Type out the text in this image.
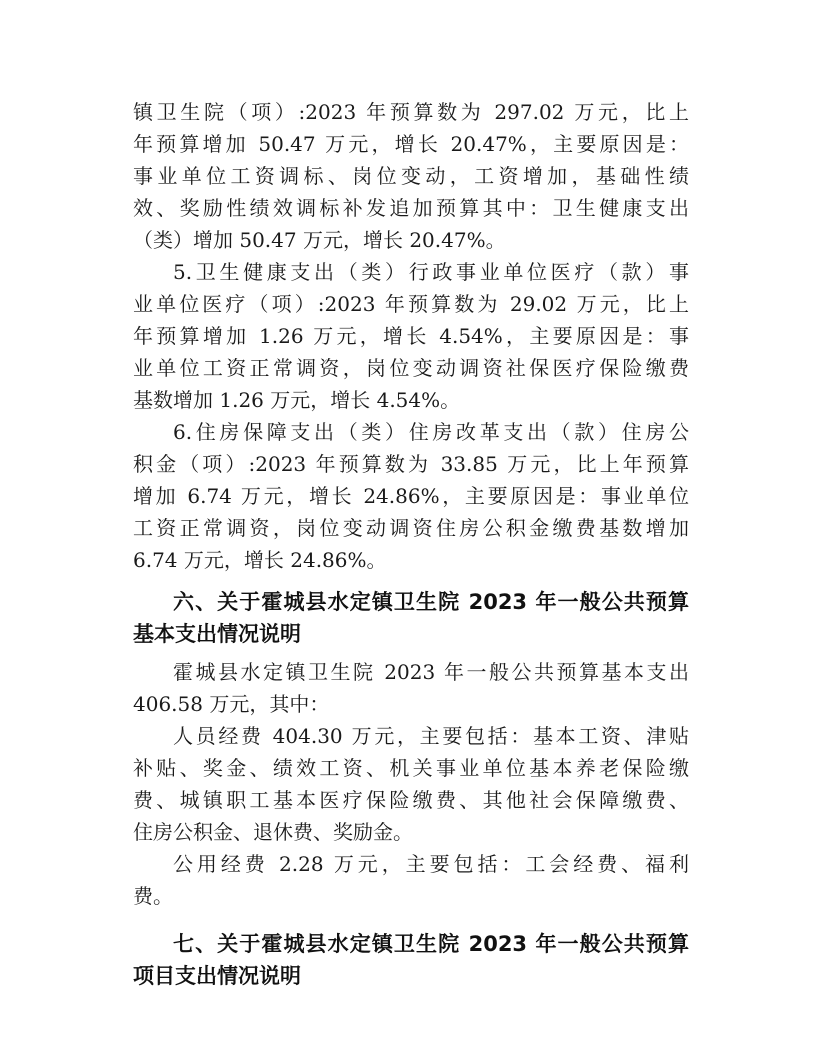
镇卫生院（项）:2023 年预算数为 297.02 万元，比上
年预算增加 50.47 万元，增长 20.47%，主要原因是：
事业单位工资调标、岗位变动，工资增加，基础性绩
效、奖励性绩效调标补发追加预算其中：卫生健康支出
（类）增加 50.47 万元，增长 20.47%。
5.卫生健康支出（类）行政事业单位医疗（款）事
业单位医疗（项）:2023 年预算数为 29.02 万元，比上
年预算增加 1.26 万元，增长 4.54%，主要原因是：事
业单位工资正常调资，岗位变动调资社保医疗保险缴费
基数增加 1.26 万元，增长 4.54%。
6.住房保障支出（类）住房改革支出（款）住房公
积金（项）:2023 年预算数为 33.85 万元，比上年预算
增加 6.74 万元，增长 24.86%，主要原因是：事业单位
工资正常调资，岗位变动调资住房公积金缴费基数增加
6.74 万元，增长 24.86%。
六、关于霍城县水定镇卫生院 2023 年一般公共预算
基本支出情况说明
霍城县水定镇卫生院 2023 年一般公共预算基本支出
406.58 万元，其中：
人员经费 404.30 万元，主要包括：基本工资、津贴
补贴、奖金、绩效工资、机关事业单位基本养老保险缴
费、城镇职工基本医疗保险缴费、其他社会保障缴费、
住房公积金、退休费、奖励金。
公用经费 2.28 万元，主要包括：工会经费、福利
费。
七、关于霍城县水定镇卫生院 2023 年一般公共预算
项目支出情况说明
